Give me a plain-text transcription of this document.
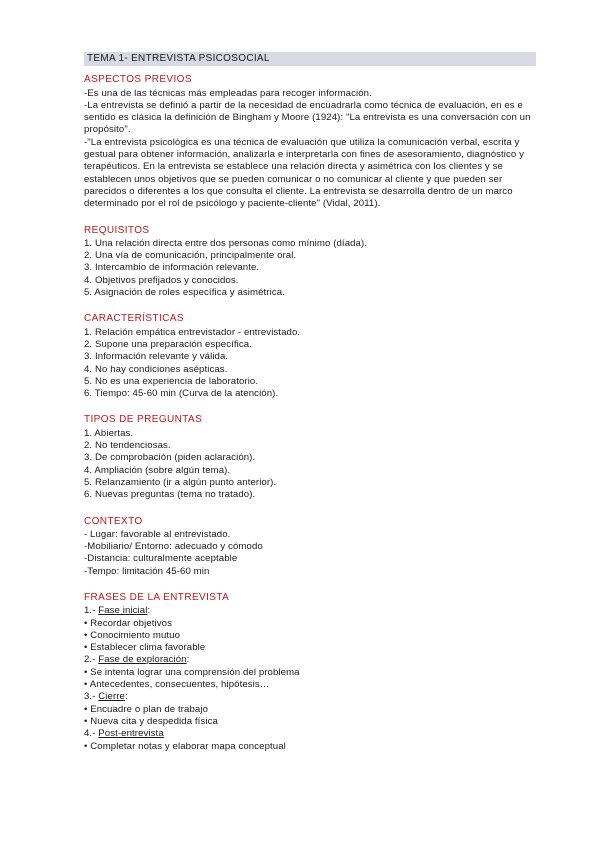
TEMA 1- ENTREVISTA PSICOSOCIAL
ASPECTOS PREVIOS
-Es una de las técnicas más empleadas para recoger información.
-La entrevista se definió a partir de la necesidad de encuadrarla como técnica de evaluación, en es e sentido es clásica la definición de Bingham y Moore (1924): "La entrevista es una conversación con un propósito".
-"La entrevista psicológica es una técnica de evaluación que utiliza la comunicación verbal, escrita y gestual para obtener información, analizarla e interpretarla con fines de asesoramiento, diagnóstico y terapéuticos. En la entrevista se establece una relación directa y asimétrica con los clientes y se establecen unos objetivos que se pueden comunicar o no comunicar al cliente y que pueden ser parecidos o diferentes a los que consulta el cliente. La entrevista se desarrolla dentro de un marco determinado por el rol de psicólogo y paciente-cliente" (Vidal, 2011).
REQUISITOS
1. Una relación directa entre dos personas como mínimo (díada).
2. Una vía de comunicación, principalmente oral.
3. Intercambio de información relevante.
4. Objetivos prefijados y conocidos.
5. Asignación de roles específica y asimétrica.
CARACTERÍSTICAS
1. Relación empática entrevistador - entrevistado.
2. Supone una preparación específica.
3. Información relevante y válida.
4. No hay condiciones asépticas.
5. No es una experiencia de laboratorio.
6. Tiempo: 45-60 min (Curva de la atención).
TIPOS DE PREGUNTAS
1. Abiertas.
2. No tendenciosas.
3. De comprobación (piden aclaración).
4. Ampliación (sobre algún tema).
5. Relanzamiento (ir a algún punto anterior).
6. Nuevas preguntas (tema no tratado).
CONTEXTO
- Lugar: favorable al entrevistado.
-Mobiliario/ Entorno: adecuado y cómodo
-Distancia: culturalmente aceptable
-Tempo: limitación 45-60 min
FRASES DE LA ENTREVISTA
1.- Fase inicial:
• Recordar objetivos
• Conocimiento mutuo
• Establecer clima favorable
2.- Fase de exploración:
• Se intenta lograr una comprensión del problema
• Antecedentes, consecuentes, hipótesis…
3.- Cierre:
• Encuadre o plan de trabajo
• Nueva cita y despedida física
4.- Post-entrevista
• Completar notas y elaborar mapa conceptual
